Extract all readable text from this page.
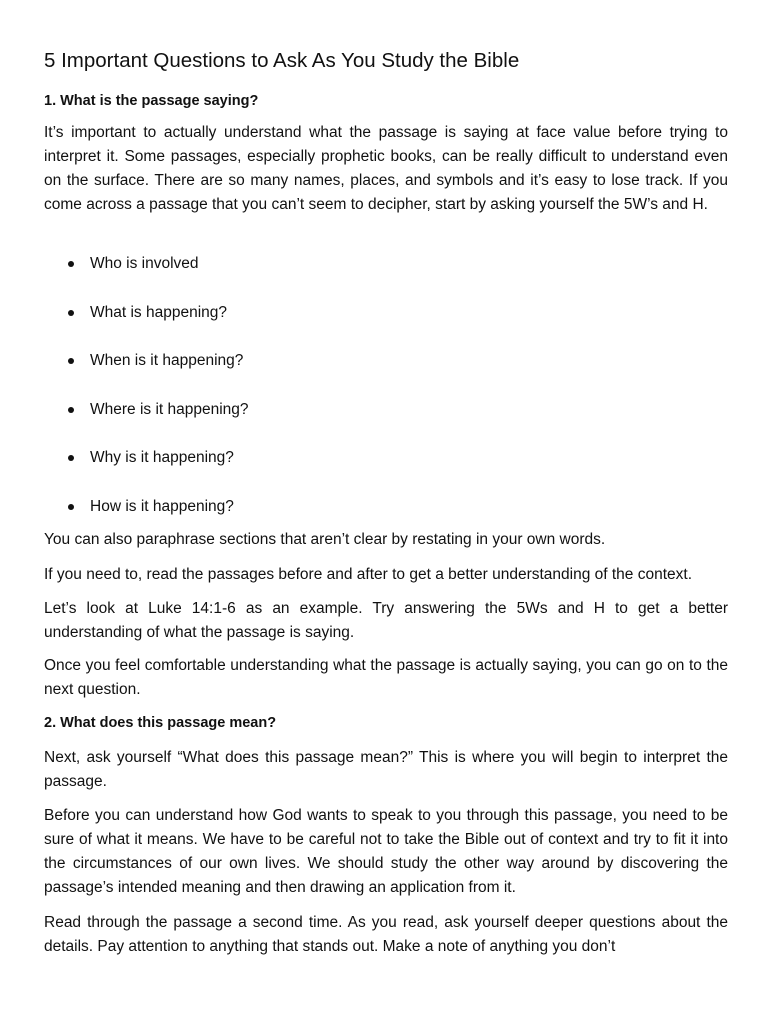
5 Important Questions to Ask As You Study the Bible
1. What is the passage saying?

It’s important to actually understand what the passage is saying at face value before trying to interpret it. Some passages, especially prophetic books, can be really difficult to understand even on the surface. There are so many names, places, and symbols and it’s easy to lose track. If you come across a passage that you can’t seem to decipher, start by asking yourself the 5W’s and H.

Who is involved
What is happening?
When is it happening?
Where is it happening?
Why is it happening?
How is it happening?

You can also paraphrase sections that aren’t clear by restating in your own words.

If you need to, read the passages before and after to get a better understanding of the context.

Let’s look at Luke 14:1-6 as an example. Try answering the 5Ws and H to get a better understanding of what the passage is saying.

Once you feel comfortable understanding what the passage is actually saying, you can go on to the next question.

2. What does this passage mean?

Next, ask yourself “What does this passage mean?” This is where you will begin to interpret the passage.

Before you can understand how God wants to speak to you through this passage, you need to be sure of what it means. We have to be careful not to take the Bible out of context and try to fit it into the circumstances of our own lives. We should study the other way around by discovering the passage’s intended meaning and then drawing an application from it.

Read through the passage a second time. As you read, ask yourself deeper questions about the details. Pay attention to anything that stands out. Make a note of anything you don’t
